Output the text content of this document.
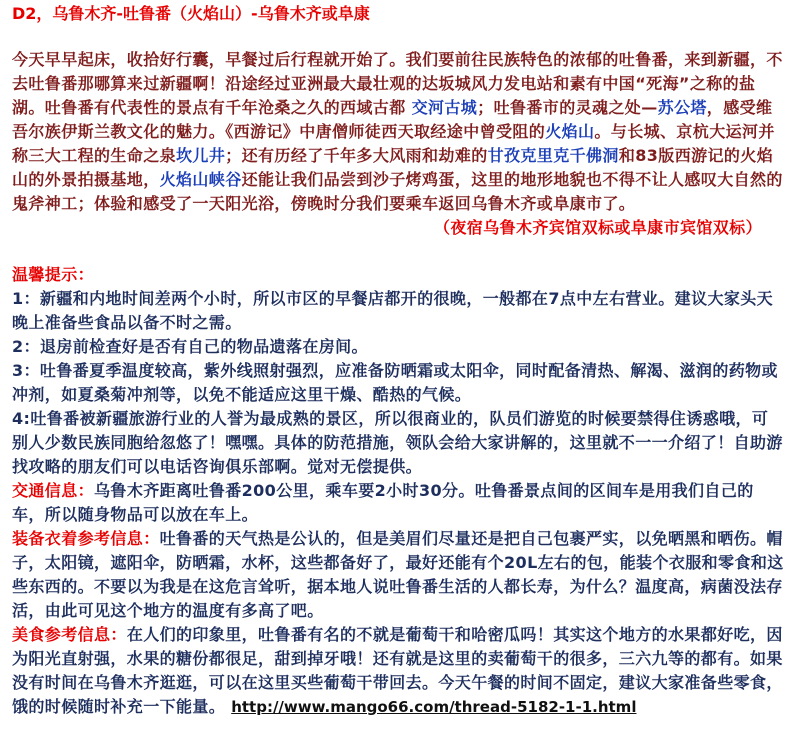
D2，乌鲁木齐-吐鲁番（火焰山）-乌鲁木齐或阜康

今天早早起床，收拾好行囊，早餐过后行程就开始了。我们要前往民族特色的浓郁的吐鲁番，来到新疆，不去吐鲁番那哪算来过新疆啊！沿途经过亚洲最大最壮观的达坂城风力发电站和素有中国“死海”之称的盐湖。吐鲁番有代表性的景点有千年沧桑之久的西域古都 交河古城；吐鲁番市的灵魂之处—苏公塔，感受维吾尔族伊斯兰教文化的魅力。《西游记》中唐僧师徒西天取经途中曾受阻的火焰山。与长城、京杭大运河并称三大工程的生命之泉坎儿井；还有历经了千年多大风雨和劫难的甘孜克里克千佛洞和83版西游记的火焰山的外景拍摄基地，火焰山峡谷还能让我们品尝到沙子烤鸡蛋，这里的地形地貌也不得不让人感叹大自然的鬼斧神工；体验和感受了一天阳光浴，傍晚时分我们要乘车返回乌鲁木齐或阜康市了。

（夜宿乌鲁木齐宾馆双标或阜康市宾馆双标）

温馨提示：

1：新疆和内地时间差两个小时，所以市区的早餐店都开的很晚，一般都在7点中左右营业。建议大家头天晚上准备些食品以备不时之需。

2：退房前检查好是否有自己的物品遗落在房间。

3：吐鲁番夏季温度较高，紫外线照射强烈，应准备防晒霜或太阳伞，同时配备清热、解渴、滋润的药物或冲剂，如夏桑菊冲剂等，以免不能适应这里干燥、酷热的气候。

4:吐鲁番被新疆旅游行业的人誉为最成熟的景区，所以很商业的，队员们游览的时候要禁得住诱惑哦，可别人少数民族同胞给忽悠了！嘿嘿。具体的防范措施，领队会给大家讲解的，这里就不一一介绍了！自助游找攻略的朋友们可以电话咨询俱乐部啊。觉对无偿提供。

交通信息：乌鲁木齐距离吐鲁番200公里，乘车要2小时30分。吐鲁番景点间的区间车是用我们自己的车，所以随身物品可以放在车上。

装备衣着参考信息：吐鲁番的天气热是公认的，但是美眉们尽量还是把自己包裹严实，以免晒黑和晒伤。帽子，太阳镜，遮阳伞，防晒霜，水杯，这些都备好了，最好还能有个20L左右的包，能装个衣服和零食和这些东西的。不要以为我是在这危言耸听，据本地人说吐鲁番生活的人都长寿，为什么？温度高，病菌没法存活，由此可见这个地方的温度有多高了吧。

美食参考信息：在人们的印象里，吐鲁番有名的不就是葡萄干和哈密瓜吗！其实这个地方的水果都好吃，因为阳光直射强，水果的糖份都很足，甜到掉牙哦！还有就是这里的卖葡萄干的很多，三六九等的都有。如果没有时间在乌鲁木齐逛逛，可以在这里买些葡萄干带回去。今天午餐的时间不固定，建议大家准备些零食，饿的时候随时补充一下能量。 http://www.mango66.com/thread-5182-1-1.html
